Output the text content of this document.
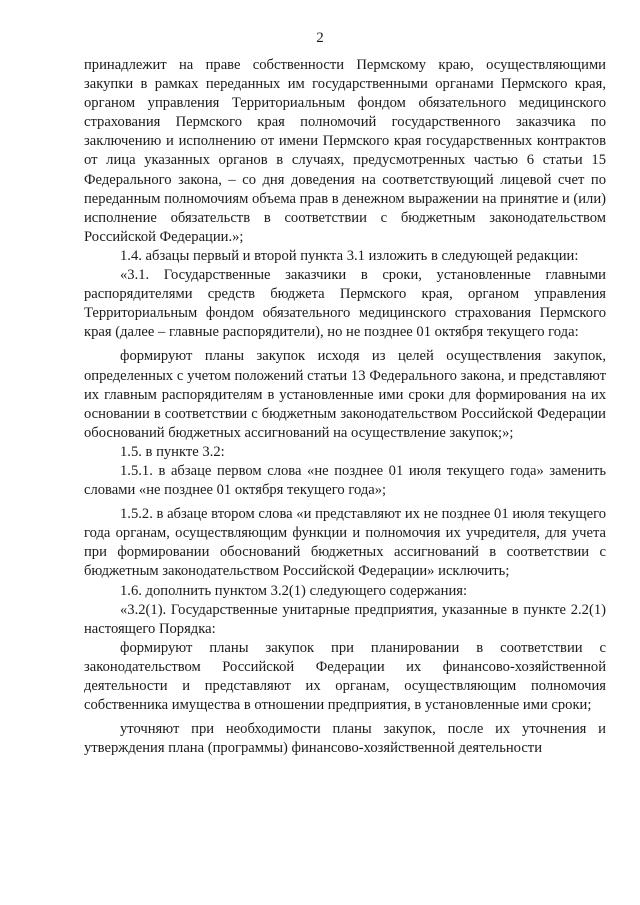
2

принадлежит на праве собственности Пермскому краю, осуществляющими закупки в рамках переданных им государственными органами Пермского края, органом управления Территориальным фондом обязательного медицинского страхования Пермского края полномочий государственного заказчика по заключению и исполнению от имени Пермского края государственных контрактов от лица указанных органов в случаях, предусмотренных частью 6 статьи 15 Федерального закона, – со дня доведения на соответствующий лицевой счет по переданным полномочиям объема прав в денежном выражении на принятие и (или) исполнение обязательств в соответствии с бюджетным законодательством Российской Федерации.»;

1.4. абзацы первый и второй пункта 3.1 изложить в следующей редакции:

«3.1. Государственные заказчики в сроки, установленные главными распорядителями средств бюджета Пермского края, органом управления Территориальным фондом обязательного медицинского страхования Пермского края (далее – главные распорядители), но не позднее 01 октября текущего года:

формируют планы закупок исходя из целей осуществления закупок, определенных с учетом положений статьи 13 Федерального закона, и представляют их главным распорядителям в установленные ими сроки для формирования на их основании в соответствии с бюджетным законодательством Российской Федерации обоснований бюджетных ассигнований на осуществление закупок;»;

1.5. в пункте 3.2:

1.5.1. в абзаце первом слова «не позднее 01 июля текущего года» заменить словами «не позднее 01 октября текущего года»;

1.5.2. в абзаце втором слова «и представляют их не позднее 01 июля текущего года органам, осуществляющим функции и полномочия их учредителя, для учета при формировании обоснований бюджетных ассигнований в соответствии с бюджетным законодательством Российской Федерации» исключить;

1.6. дополнить пунктом 3.2(1) следующего содержания:

«3.2(1). Государственные унитарные предприятия, указанные в пункте 2.2(1) настоящего Порядка:

формируют планы закупок при планировании в соответствии с законодательством Российской Федерации их финансово-хозяйственной деятельности и представляют их органам, осуществляющим полномочия собственника имущества в отношении предприятия, в установленные ими сроки;

уточняют при необходимости планы закупок, после их уточнения и утверждения плана (программы) финансово-хозяйственной деятельности
